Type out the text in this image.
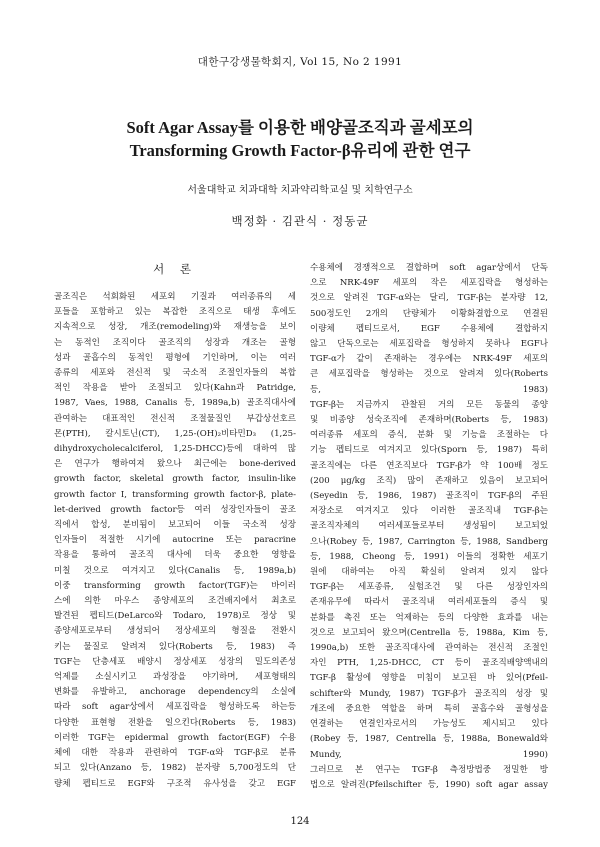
대한구강생물학회지, Vol 15, No 2 1991
Soft Agar Assay를 이용한 배양골조직과 골세포의
Transforming Growth Factor-β유리에 관한 연구
서울대학교 치과대학 치과약리학교실 및 치학연구소
백정화 · 김관식 · 정동균
서 론
골조직은 석회화된 세포외 기질과 여러종류의 세
포들을 포함하고 있는 복잡한 조직으로 태생 후에도
지속적으로 성장, 개조(remodeling)와 재생능을 보이
는 동적인 조직이다 골조직의 성장과 개조는 골형
성과 골흡수의 동적인 평형에 기인하며, 이는 여러
종류의 세포와 전신적 및 국소적 조절인자들의 복합
적인 작용을 받아 조절되고 있다(Kahn과 Patridge,
1987, Vaes, 1988, Canalis 등, 1989a,b) 골조직대사에
관여하는 대표적인 전신적 조절물질인 부갑상선호르
몬(PTH), 칼시토닌(CT), 1,25-(OH)₂비타민D₃ (1,25-
dihydroxycholecalciferol, 1,25-DHCC)등에 대하여 많
은 연구가 행하여져 왔으나 최근에는 bone-derived
growth factor, skeletal growth factor, insulin-like
growth factor I, transforming growth factor-β, plate-
let-derived growth factor등 여러 성장인자들이 골조
직에서 합성, 분비됨이 보고되어 이들 국소적 성장
인자들이 적절한 시기에 autocrine 또는 paracrine
작용을 통하여 골조직 대사에 더욱 중요한 영향을
미칠 것으로 여겨지고 있다(Canalis 등, 1989a,b)
이중 transforming growth factor(TGF)는 바이러
스에 의한 마우스 종양세포의 조건배지에서 최초로
발견된 펩티드(DeLarco와 Todaro, 1978)로 정상 및
종양세포로부터 생성되어 정상세포의 형질을 전환시
키는 물질로 알려져 있다(Roberts 등, 1983) 즉
TGF는 단층세포 배양시 정상세포 성장의 밀도의존성
억제를 소실시키고 과성장을 야기하며, 세포형태의
변화를 유발하고, anchorage dependency의 소실에
따라 soft agar상에서 세포집락을 형성하도록 하는등
다양한 표현형 전환을 일으킨다(Roberts 등, 1983)
이러한 TGF는 epidermal growth factor(EGF) 수용
체에 대한 작용과 관련하여 TGF-α와 TGF-β로 분류
되고 있다(Anzano 등, 1982) 분자량 5,700정도의 단
량체 펩티드로 EGF와 구조적 유사성을 갖고 EGF
수용체에 경쟁적으로 결합하며 soft agar상에서 단독
으로 NRK-49F 세포의 작은 세포집락을 형성하는
것으로 알려진 TGF-α와는 달리, TGF-β는 분자량 12,
500정도인 2개의 단량체가 이황화결합으로 연결된
이량체 펩티드로서, EGF 수용체에 결합하지
않고 단독으로는 세포집락을 형성하지 못하나 EGF나
TGF-α가 같이 존재하는 경우에는 NRK-49F 세포의
큰 세포집락을 형성하는 것으로 알려져 있다(Roberts
등, 1983)
TGF-β는 지금까지 관찰된 거의 모든 동물의 종양
및 비종양 성숙조직에 존재하며(Roberts 등, 1983)
여러종류 세포의 증식, 분화 및 기능을 조절하는 다
기능 펩티드로 여겨지고 있다(Sporn 등, 1987) 특히
골조직에는 다른 연조직보다 TGF-β가 약 100배 정도
(200 μg/kg 조직) 많이 존재하고 있음이 보고되어
(Seyedin 등, 1986, 1987) 골조직이 TGF-β의 주된
저장소로 여겨지고 있다 이러한 골조직내 TGF-β는
골조직자체의 여러세포들로부터 생성됨이 보고되었
으나(Robey 등, 1987, Carrington 등, 1988, Sandberg
등, 1988, Cheong 등, 1991) 이들의 정확한 세포기
원에 대하여는 아직 확실히 알려져 있지 않다
TGF-β는 세포종류, 실험조건 및 다른 성장인자의
존재유무에 따라서 골조직내 여러세포들의 증식 및
분화를 촉진 또는 억제하는 등의 다양한 효과를 내는
것으로 보고되어 왔으며(Centrella 등, 1988a, Kim 등,
1990a,b) 또한 골조직대사에 관여하는 전신적 조절인
자인 PTH, 1,25-DHCC, CT 등이 골조직배양액내의
TGF-β 활성에 영향을 미침이 보고된 바 있어(Pfeil-
schifter와 Mundy, 1987) TGF-β가 골조직의 성장 및
개조에 중요한 역할을 하며 특히 골흡수와 골형성을
연결하는 연결인자로서의 가능성도 제시되고 있다
(Robey 등, 1987, Centrella 등, 1988a, Bonewald와
Mundy, 1990)
그러므로 본 연구는 TGF-β 측정방법중 정밀한 방
법으로 알려진(Pfeilschifter 등, 1990) soft agar assay
124
